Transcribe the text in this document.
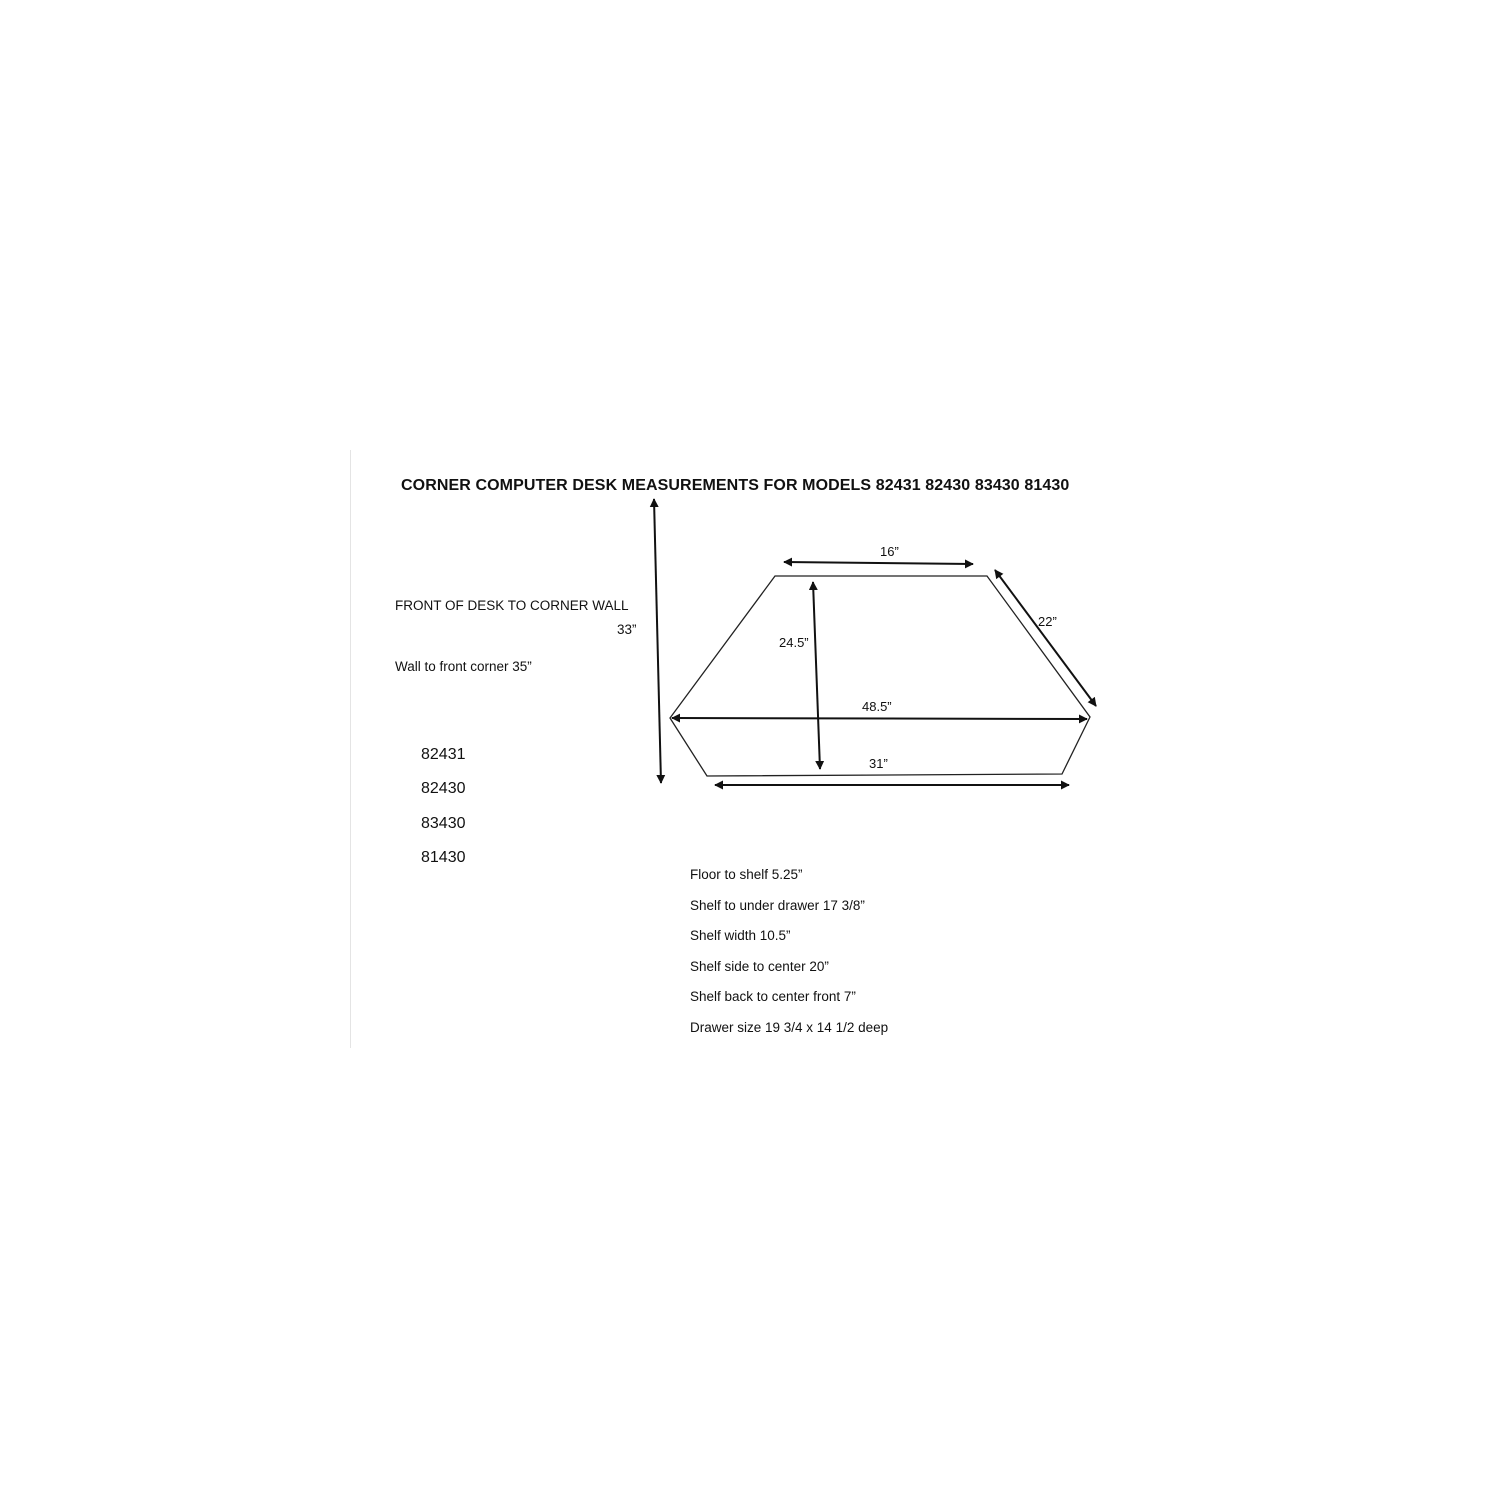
CORNER COMPUTER DESK MEASUREMENTS FOR MODELS 82431 82430 83430 81430
FRONT OF DESK TO CORNER WALL
33”
Wall to front corner 35”
82431
82430
83430
81430
16”
22”
24.5”
48.5”
31”
Floor to shelf 5.25”
Shelf to under drawer 17 3/8”
Shelf width 10.5”
Shelf side to center 20”
Shelf back to center front 7”
Drawer size 19 3/4 x 14 1/2 deep
